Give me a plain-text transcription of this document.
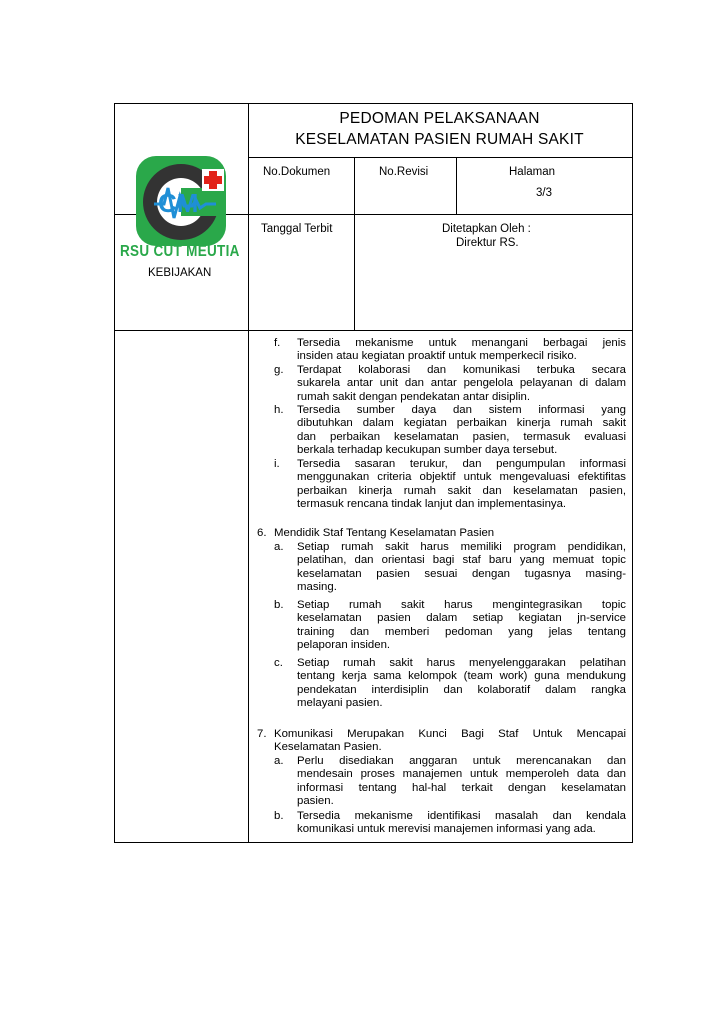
CM
RSU CUT MEUTIA
PEDOMAN PELAKSANAAN
KESELAMATAN PASIEN RUMAH SAKIT
No.Dokumen	No.Revisi	Halaman
3/3
Tanggal Terbit	Ditetapkan Oleh :
Direktur RS.
KEBIJAKAN
f. Tersedia mekanisme untuk menangani berbagai jenis
insiden atau kegiatan proaktif untuk memperkecil risiko.
g. Terdapat kolaborasi dan komunikasi terbuka secara
sukarela antar unit dan antar pengelola pelayanan di dalam
rumah sakit dengan pendekatan antar disiplin.
h. Tersedia sumber daya dan sistem informasi yang
dibutuhkan dalam kegiatan perbaikan kinerja rumah sakit
dan perbaikan keselamatan pasien, termasuk evaluasi
berkala terhadap kecukupan sumber daya tersebut.
i. Tersedia sasaran terukur, dan pengumpulan informasi
menggunakan criteria objektif untuk mengevaluasi efektifitas
perbaikan kinerja rumah sakit dan keselamatan pasien,
termasuk rencana tindak lanjut dan implementasinya.
6. Mendidik Staf Tentang Keselamatan Pasien
a. Setiap rumah sakit harus memiliki program pendidikan,
pelatihan, dan orientasi bagi staf baru yang memuat topic
keselamatan pasien sesuai dengan tugasnya masing-
masing.
b. Setiap rumah sakit harus mengintegrasikan topic
keselamatan pasien dalam setiap kegiatan jn-service
training dan memberi pedoman yang jelas tentang
pelaporan insiden.
c. Setiap rumah sakit harus menyelenggarakan pelatihan
tentang kerja sama kelompok (team work) guna mendukung
pendekatan interdisiplin dan kolaboratif dalam rangka
melayani pasien.
7. Komunikasi Merupakan Kunci Bagi Staf Untuk Mencapai
Keselamatan Pasien.
a. Perlu disediakan anggaran untuk merencanakan dan
mendesain proses manajemen untuk memperoleh data dan
informasi tentang hal-hal terkait dengan keselamatan
pasien.
b. Tersedia mekanisme identifikasi masalah dan kendala
komunikasi untuk merevisi manajemen informasi yang ada.
